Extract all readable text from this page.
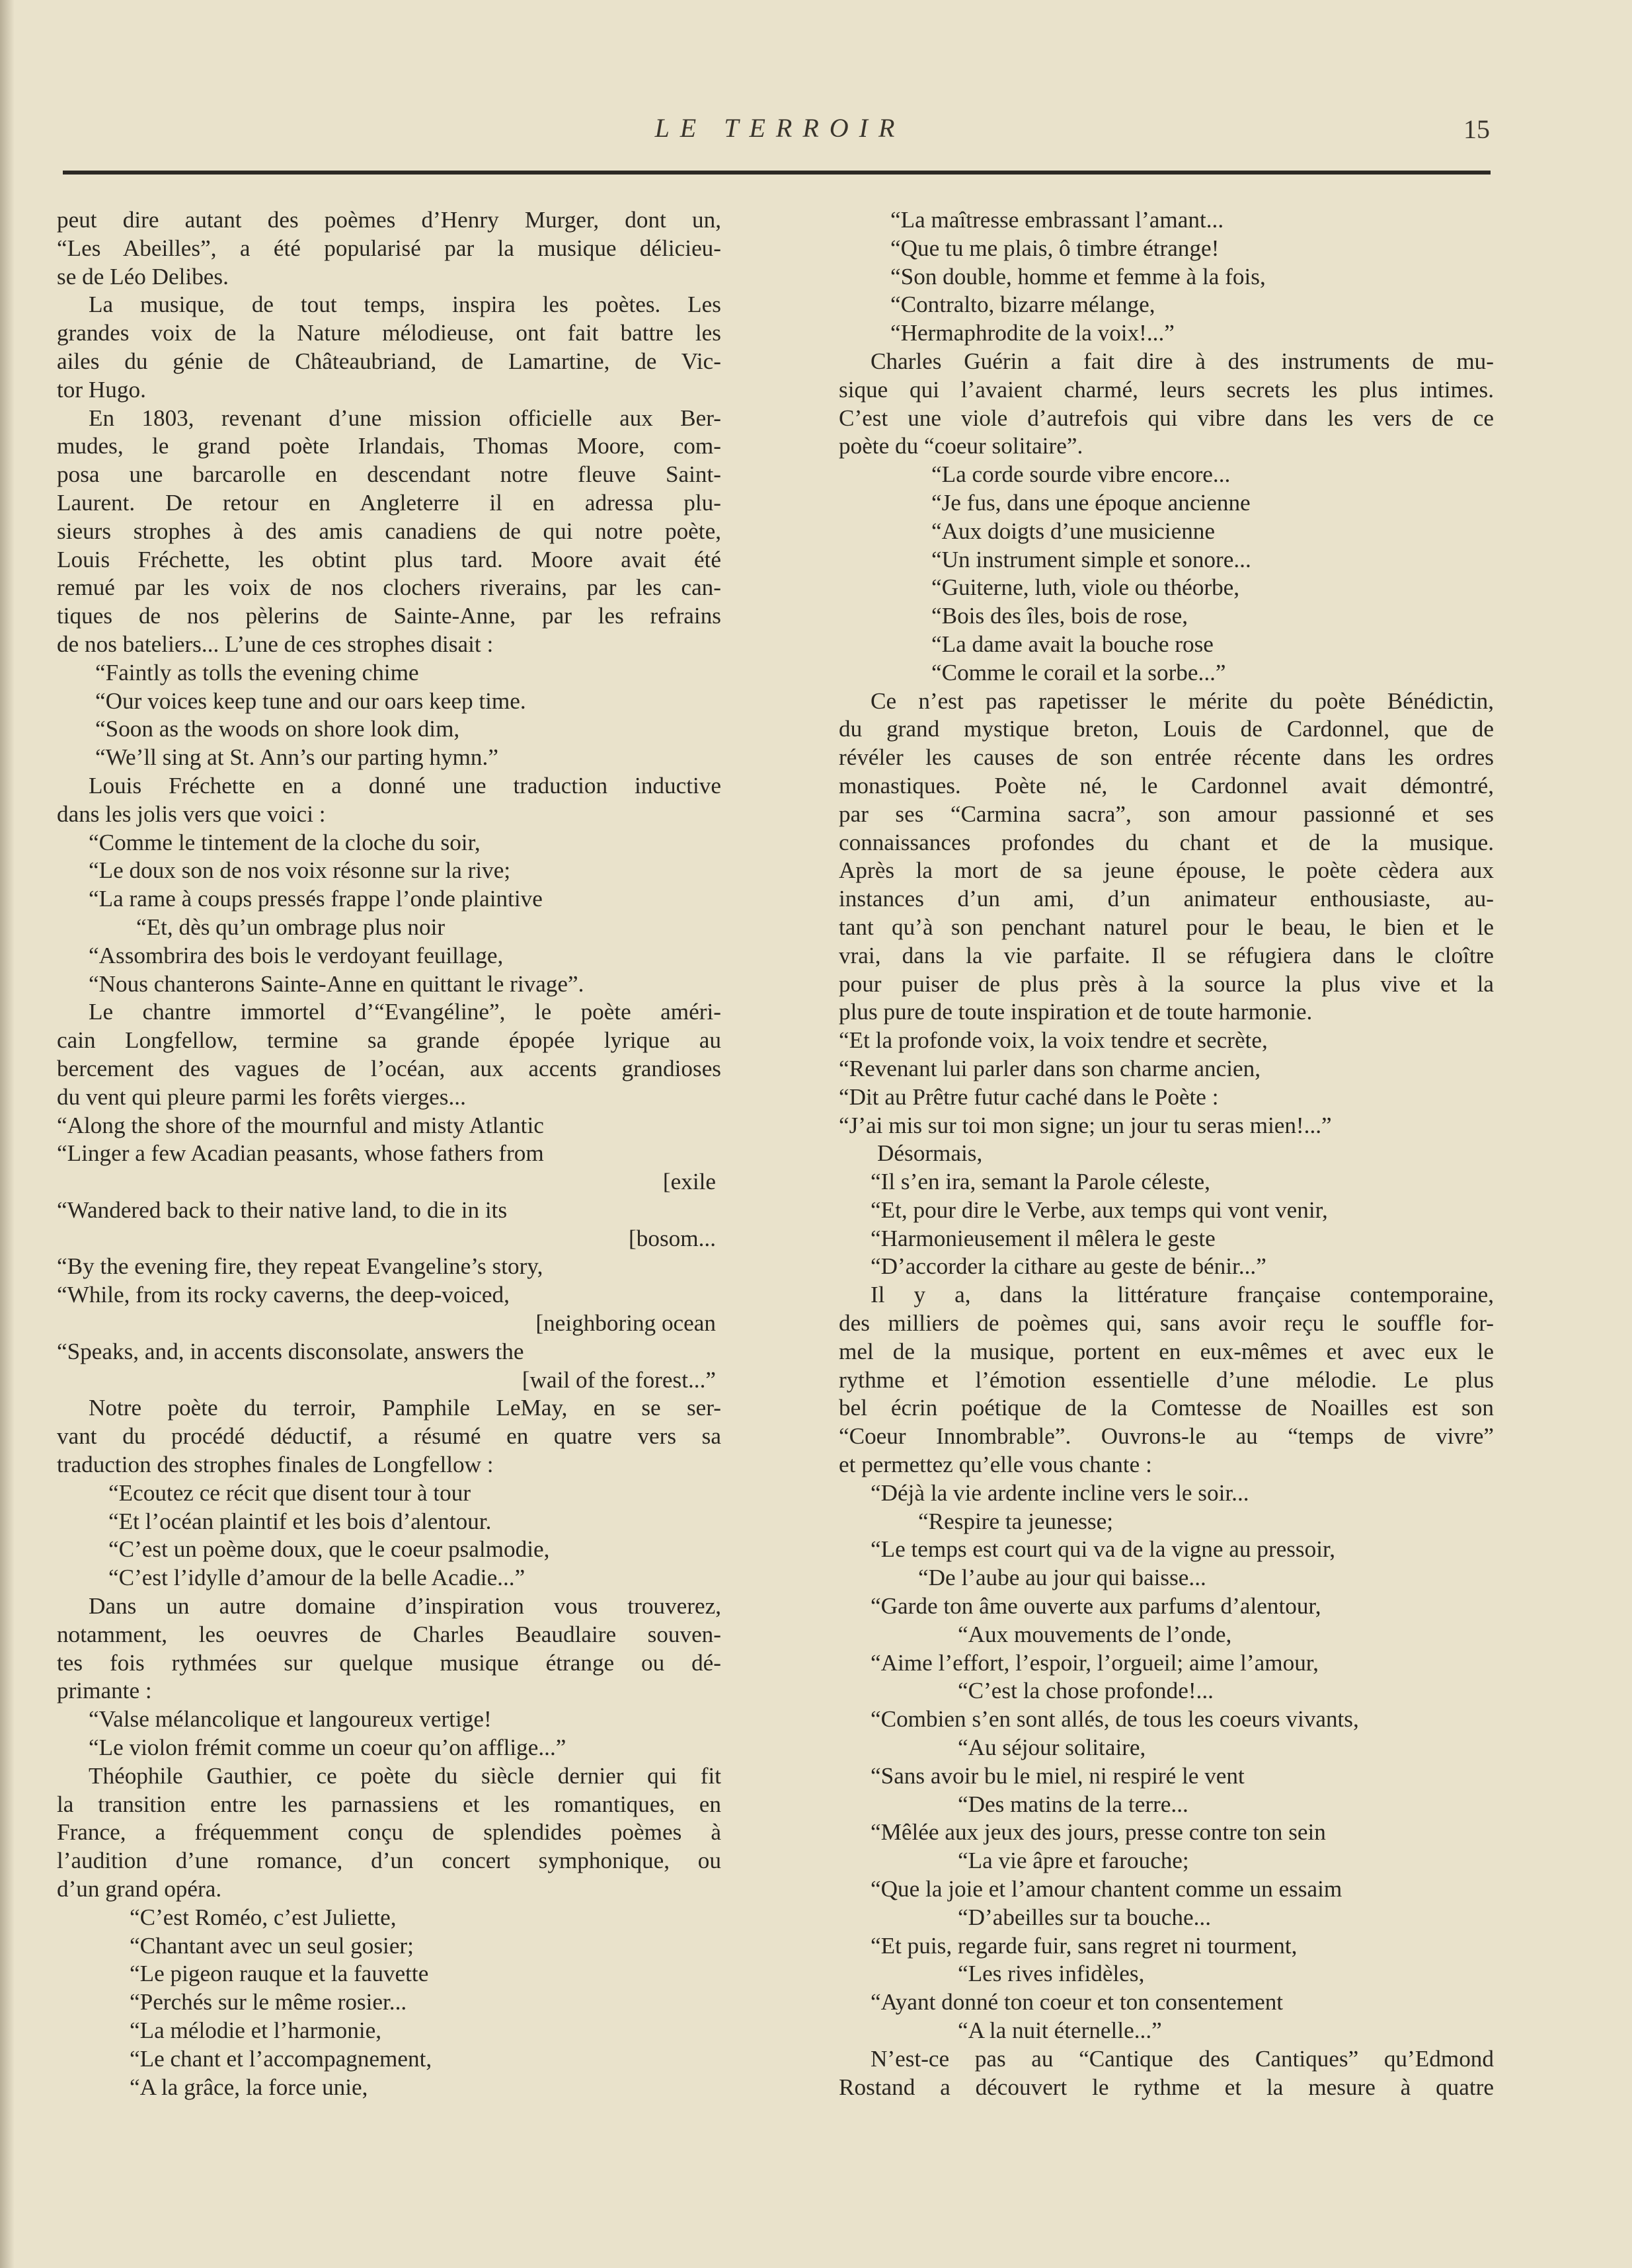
LE TERROIR	15
peut dire autant des poèmes d’Henry Murger, dont un,
“Les Abeilles”, a été popularisé par la musique délicieu-
se de Léo Delibes.
La musique, de tout temps, inspira les poètes. Les
grandes voix de la Nature mélodieuse, ont fait battre les
ailes du génie de Châteaubriand, de Lamartine, de Vic-
tor Hugo.
En 1803, revenant d’une mission officielle aux Ber-
mudes, le grand poète Irlandais, Thomas Moore, com-
posa une barcarolle en descendant notre fleuve Saint-
Laurent. De retour en Angleterre il en adressa plu-
sieurs strophes à des amis canadiens de qui notre poète,
Louis Fréchette, les obtint plus tard. Moore avait été
remué par les voix de nos clochers riverains, par les can-
tiques de nos pèlerins de Sainte-Anne, par les refrains
de nos bateliers... L’une de ces strophes disait :
“Faintly as tolls the evening chime
“Our voices keep tune and our oars keep time.
“Soon as the woods on shore look dim,
“We’ll sing at St. Ann’s our parting hymn.”
Louis Fréchette en a donné une traduction inductive
dans les jolis vers que voici :
“Comme le tintement de la cloche du soir,
“Le doux son de nos voix résonne sur la rive;
“La rame à coups pressés frappe l’onde plaintive
“Et, dès qu’un ombrage plus noir
“Assombrira des bois le verdoyant feuillage,
“Nous chanterons Sainte-Anne en quittant le rivage”.
Le chantre immortel d’“Evangéline”, le poète améri-
cain Longfellow, termine sa grande épopée lyrique au
bercement des vagues de l’océan, aux accents grandioses
du vent qui pleure parmi les forêts vierges...
“Along the shore of the mournful and misty Atlantic
“Linger a few Acadian peasants, whose fathers from
[exile
“Wandered back to their native land, to die in its
[bosom...
“By the evening fire, they repeat Evangeline’s story,
“While, from its rocky caverns, the deep-voiced,
[neighboring ocean
“Speaks, and, in accents disconsolate, answers the
[wail of the forest...”
Notre poète du terroir, Pamphile LeMay, en se ser-
vant du procédé déductif, a résumé en quatre vers sa
traduction des strophes finales de Longfellow :
“Ecoutez ce récit que disent tour à tour
“Et l’océan plaintif et les bois d’alentour.
“C’est un poème doux, que le coeur psalmodie,
“C’est l’idylle d’amour de la belle Acadie...”
Dans un autre domaine d’inspiration vous trouverez,
notamment, les oeuvres de Charles Beaudlaire souven-
tes fois rythmées sur quelque musique étrange ou dé-
primante :
“Valse mélancolique et langoureux vertige!
“Le violon frémit comme un coeur qu’on afflige...”
Théophile Gauthier, ce poète du siècle dernier qui fit
la transition entre les parnassiens et les romantiques, en
France, a fréquemment conçu de splendides poèmes à
l’audition d’une romance, d’un concert symphonique, ou
d’un grand opéra.
“C’est Roméo, c’est Juliette,
“Chantant avec un seul gosier;
“Le pigeon rauque et la fauvette
“Perchés sur le même rosier...
“La mélodie et l’harmonie,
“Le chant et l’accompagnement,
“A la grâce, la force unie,
“La maîtresse embrassant l’amant...
“Que tu me plais, ô timbre étrange!
“Son double, homme et femme à la fois,
“Contralto, bizarre mélange,
“Hermaphrodite de la voix!...”
Charles Guérin a fait dire à des instruments de mu-
sique qui l’avaient charmé, leurs secrets les plus intimes.
C’est une viole d’autrefois qui vibre dans les vers de ce
poète du “coeur solitaire”.
“La corde sourde vibre encore...
“Je fus, dans une époque ancienne
“Aux doigts d’une musicienne
“Un instrument simple et sonore...
“Guiterne, luth, viole ou théorbe,
“Bois des îles, bois de rose,
“La dame avait la bouche rose
“Comme le corail et la sorbe...”
Ce n’est pas rapetisser le mérite du poète Bénédictin,
du grand mystique breton, Louis de Cardonnel, que de
révéler les causes de son entrée récente dans les ordres
monastiques. Poète né, le Cardonnel avait démontré,
par ses “Carmina sacra”, son amour passionné et ses
connaissances profondes du chant et de la musique.
Après la mort de sa jeune épouse, le poète cèdera aux
instances d’un ami, d’un animateur enthousiaste, au-
tant qu’à son penchant naturel pour le beau, le bien et le
vrai, dans la vie parfaite. Il se réfugiera dans le cloître
pour puiser de plus près à la source la plus vive et la
plus pure de toute inspiration et de toute harmonie.
“Et la profonde voix, la voix tendre et secrète,
“Revenant lui parler dans son charme ancien,
“Dit au Prêtre futur caché dans le Poète :
“J’ai mis sur toi mon signe; un jour tu seras mien!...”
Désormais,
“Il s’en ira, semant la Parole céleste,
“Et, pour dire le Verbe, aux temps qui vont venir,
“Harmonieusement il mêlera le geste
“D’accorder la cithare au geste de bénir...”
Il y a, dans la littérature française contemporaine,
des milliers de poèmes qui, sans avoir reçu le souffle for-
mel de la musique, portent en eux-mêmes et avec eux le
rythme et l’émotion essentielle d’une mélodie. Le plus
bel écrin poétique de la Comtesse de Noailles est son
“Coeur Innombrable”. Ouvrons-le au “temps de vivre”
et permettez qu’elle vous chante :
“Déjà la vie ardente incline vers le soir...
“Respire ta jeunesse;
“Le temps est court qui va de la vigne au pressoir,
“De l’aube au jour qui baisse...
“Garde ton âme ouverte aux parfums d’alentour,
“Aux mouvements de l’onde,
“Aime l’effort, l’espoir, l’orgueil; aime l’amour,
“C’est la chose profonde!...
“Combien s’en sont allés, de tous les coeurs vivants,
“Au séjour solitaire,
“Sans avoir bu le miel, ni respiré le vent
“Des matins de la terre...
“Mêlée aux jeux des jours, presse contre ton sein
“La vie âpre et farouche;
“Que la joie et l’amour chantent comme un essaim
“D’abeilles sur ta bouche...
“Et puis, regarde fuir, sans regret ni tourment,
“Les rives infidèles,
“Ayant donné ton coeur et ton consentement
“A la nuit éternelle...”
N’est-ce pas au “Cantique des Cantiques” qu’Edmond
Rostand a découvert le rythme et la mesure à quatre
